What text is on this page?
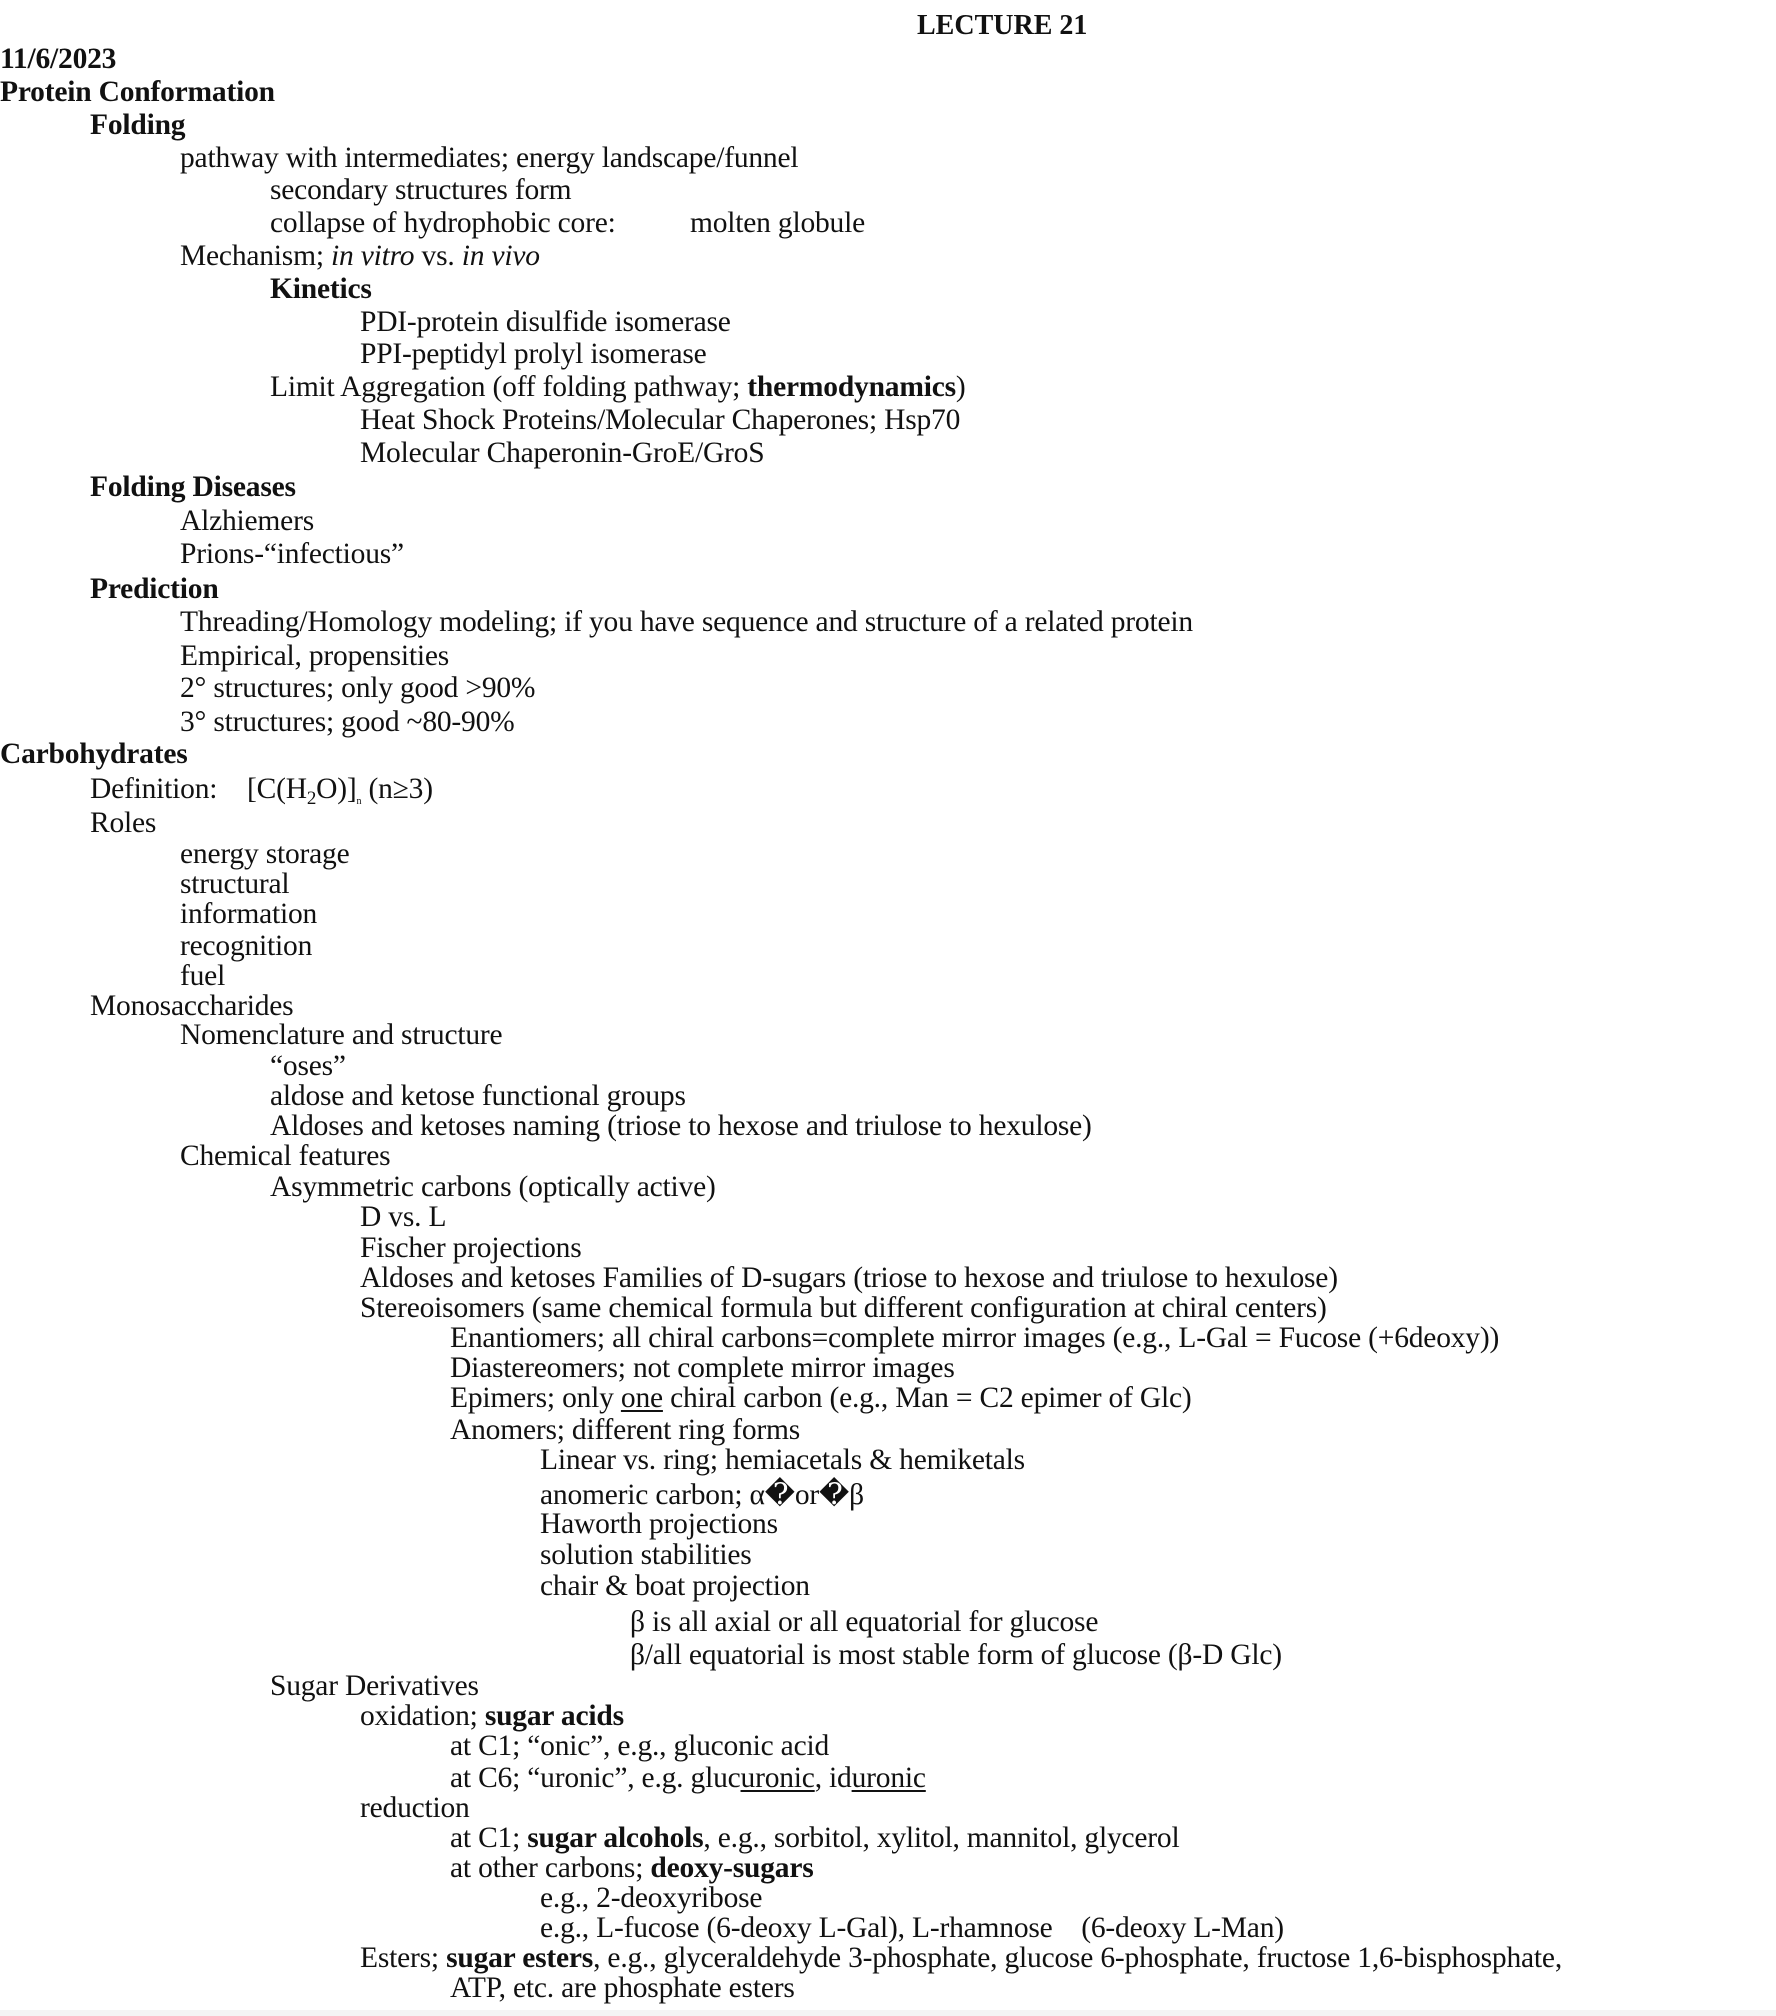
LECTURE 21
11/6/2023
Protein Conformation
Folding
pathway with intermediates; energy landscape/funnel
secondary structures form
collapse of hydrophobic core:	molten globule
Mechanism; in vitro vs. in vivo
Kinetics
PDI-protein disulfide isomerase
PPI-peptidyl prolyl isomerase
Limit Aggregation (off folding pathway; thermodynamics)
Heat Shock Proteins/Molecular Chaperones; Hsp70
Molecular Chaperonin-GroE/GroS
Folding Diseases
Alzhiemers
Prions-“infectious”
Prediction
Threading/Homology modeling; if you have sequence and structure of a related protein
Empirical, propensities
2° structures; only good >90%
3° structures; good ~80-90%
Carbohydrates
Definition: $[C(H_2O)]_n$ (n≥3)
Roles
energy storage
structural
information
recognition
fuel
Monosaccharides
Nomenclature and structure
“oses”
aldose and ketose functional groups
Aldoses and ketoses naming (triose to hexose and triulose to hexulose)
Chemical features
Asymmetric carbons (optically active)
D vs. L
Fischer projections
Aldoses and ketoses Families of D-sugars (triose to hexose and triulose to hexulose)
Stereoisomers (same chemical formula but different configuration at chiral centers)
Enantiomers; all chiral carbons=complete mirror images (e.g., L-Gal = Fucose (+6deoxy))
Diastereomers; not complete mirror images
Epimers; only one chiral carbon (e.g., Man = C2 epimer of Glc)
Anomers; different ring forms
Linear vs. ring; hemiacetals & hemiketals
anomeric carbon; α�or�β
Haworth projections
solution stabilities
chair & boat projection
β is all axial or all equatorial for glucose
β/all equatorial is most stable form of glucose (β-D Glc)
Sugar Derivatives
oxidation; sugar acids
at C1; “onic”, e.g., gluconic acid
at C6; “uronic”, e.g. glucuronic, iduronic
reduction
at C1; sugar alcohols, e.g., sorbitol, xylitol, mannitol, glycerol
at other carbons; deoxy-sugars
e.g., 2-deoxyribose
e.g., L-fucose (6-deoxy L-Gal), L-rhamnose    (6-deoxy L-Man)
Esters; sugar esters, e.g., glyceraldehyde 3-phosphate, glucose 6-phosphate, fructose 1,6-bisphosphate,
ATP, etc. are phosphate esters
